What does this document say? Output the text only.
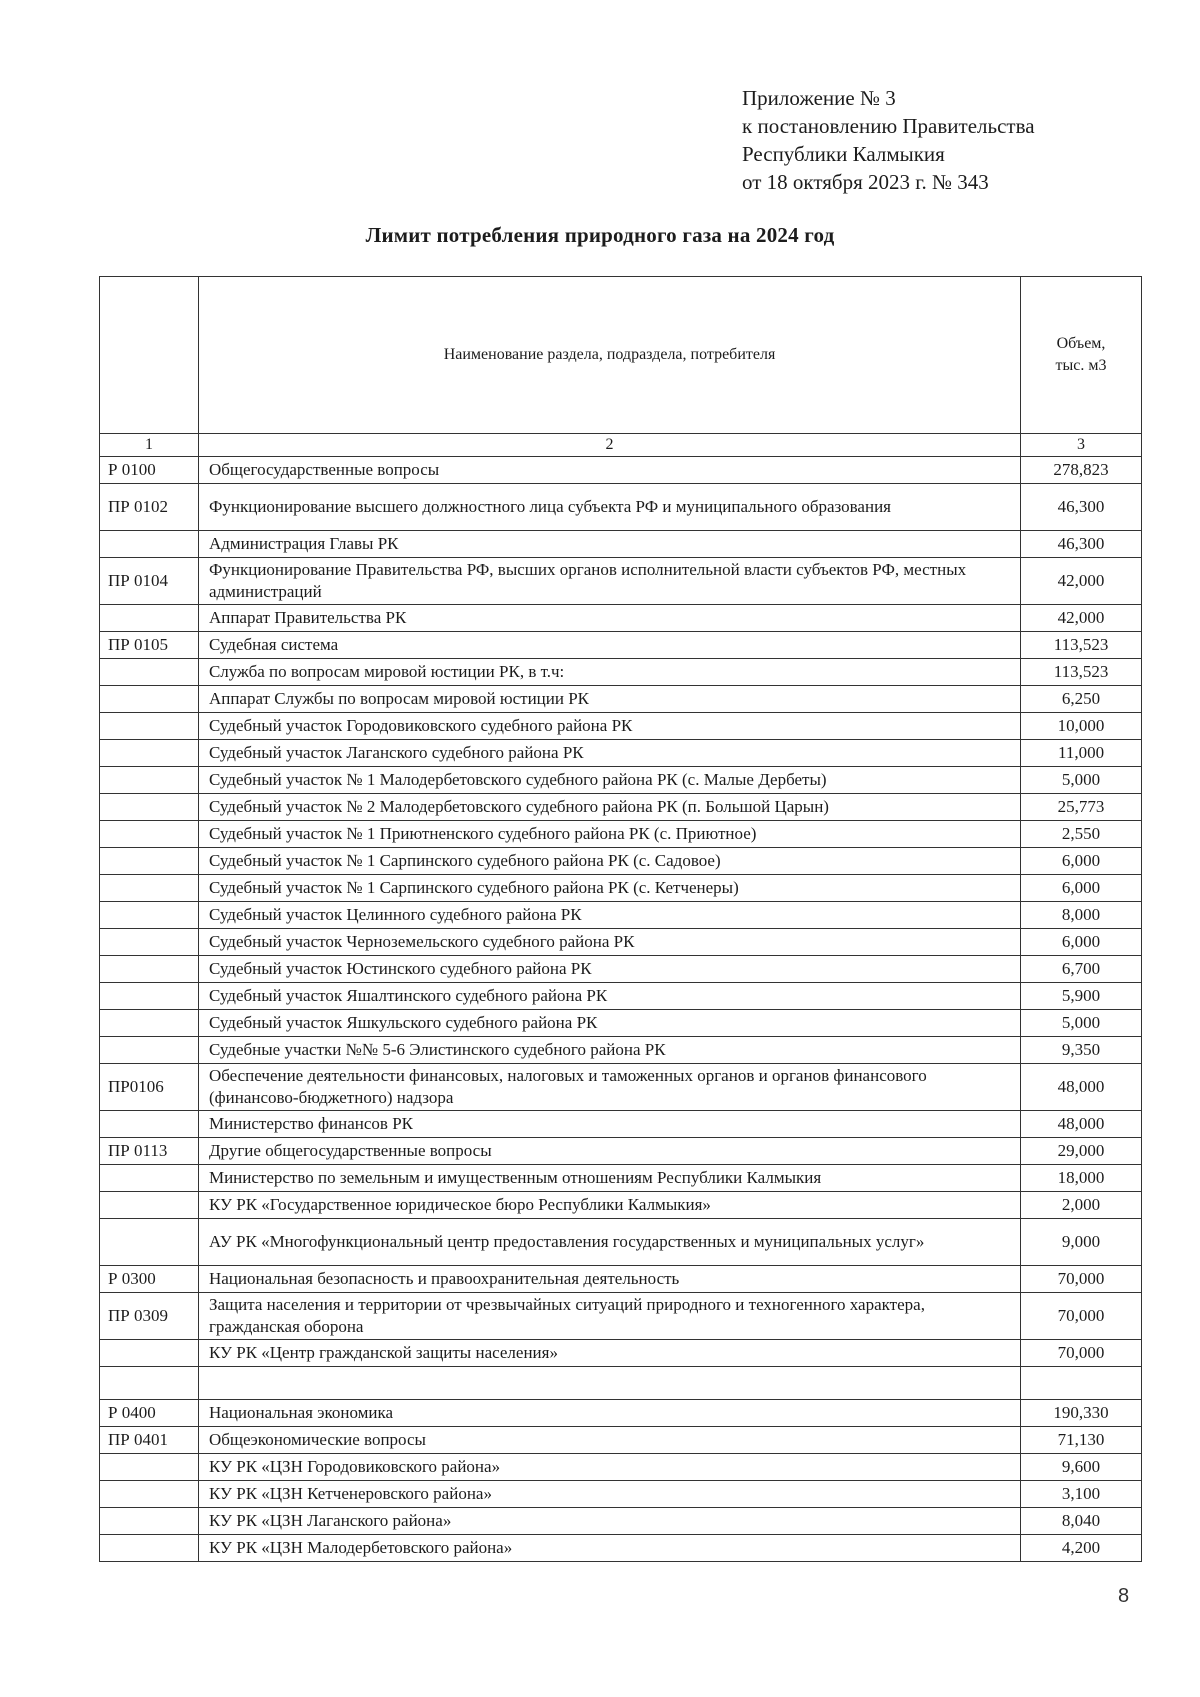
Приложение № 3
к постановлению Правительства
Республики Калмыкия
от 18 октября 2023 г. № 343
Лимит потребления природного газа на 2024 год
	Наименование раздела, подраздела, потребителя	Объем,
тыс. м3
1	2	3
Р 0100	Общегосударственные вопросы	278,823
ПР 0102	Функционирование высшего должностного лица субъекта РФ и муниципального образования	46,300
	Администрация Главы РК	46,300
ПР 0104	Функционирование Правительства РФ, высших органов исполнительной власти субъектов РФ, местных администраций	42,000
	Аппарат Правительства РК	42,000
ПР 0105	Судебная система	113,523
	Служба по вопросам мировой юстиции РК, в т.ч:	113,523
	Аппарат Службы по вопросам мировой юстиции РК	6,250
	Судебный участок Городовиковского судебного района РК	10,000
	Судебный участок Лаганского судебного района РК	11,000
	Судебный участок № 1 Малодербетовского судебного района РК (с. Малые Дербеты)	5,000
	Судебный участок № 2 Малодербетовского судебного района РК (п. Большой Царын)	25,773
	Судебный участок № 1 Приютненского судебного района РК (с. Приютное)	2,550
	Судебный участок № 1 Сарпинского судебного района РК (с. Садовое)	6,000
	Судебный участок № 1 Сарпинского судебного района РК (с. Кетченеры)	6,000
	Судебный участок Целинного судебного района РК	8,000
	Судебный участок Черноземельского судебного района РК	6,000
	Судебный участок Юстинского судебного района РК	6,700
	Судебный участок Яшалтинского судебного района РК	5,900
	Судебный участок Яшкульского судебного района РК	5,000
	Судебные участки №№ 5-6 Элистинского судебного района РК	9,350
ПР0106	Обеспечение деятельности финансовых, налоговых и таможенных органов и органов финансового (финансово-бюджетного) надзора	48,000
	Министерство финансов РК	48,000
ПР 0113	Другие общегосударственные вопросы	29,000
	Министерство по земельным и имущественным отношениям Республики Калмыкия	18,000
	КУ РК «Государственное юридическое бюро Республики Калмыкия»	2,000
	АУ РК «Многофункциональный центр предоставления государственных и муниципальных услуг»	9,000
Р 0300	Национальная безопасность и правоохранительная деятельность	70,000
ПР 0309	Защита населения и территории от чрезвычайных ситуаций природного и техногенного характера, гражданская оборона	70,000
	КУ РК «Центр гражданской защиты населения»	70,000

Р 0400	Национальная экономика	190,330
ПР 0401	Общеэкономические вопросы	71,130
	КУ РК «ЦЗН Городовиковского района»	9,600
	КУ РК «ЦЗН Кетченеровского района»	3,100
	КУ РК «ЦЗН Лаганского района»	8,040
	КУ РК «ЦЗН Малодербетовского района»	4,200
8
